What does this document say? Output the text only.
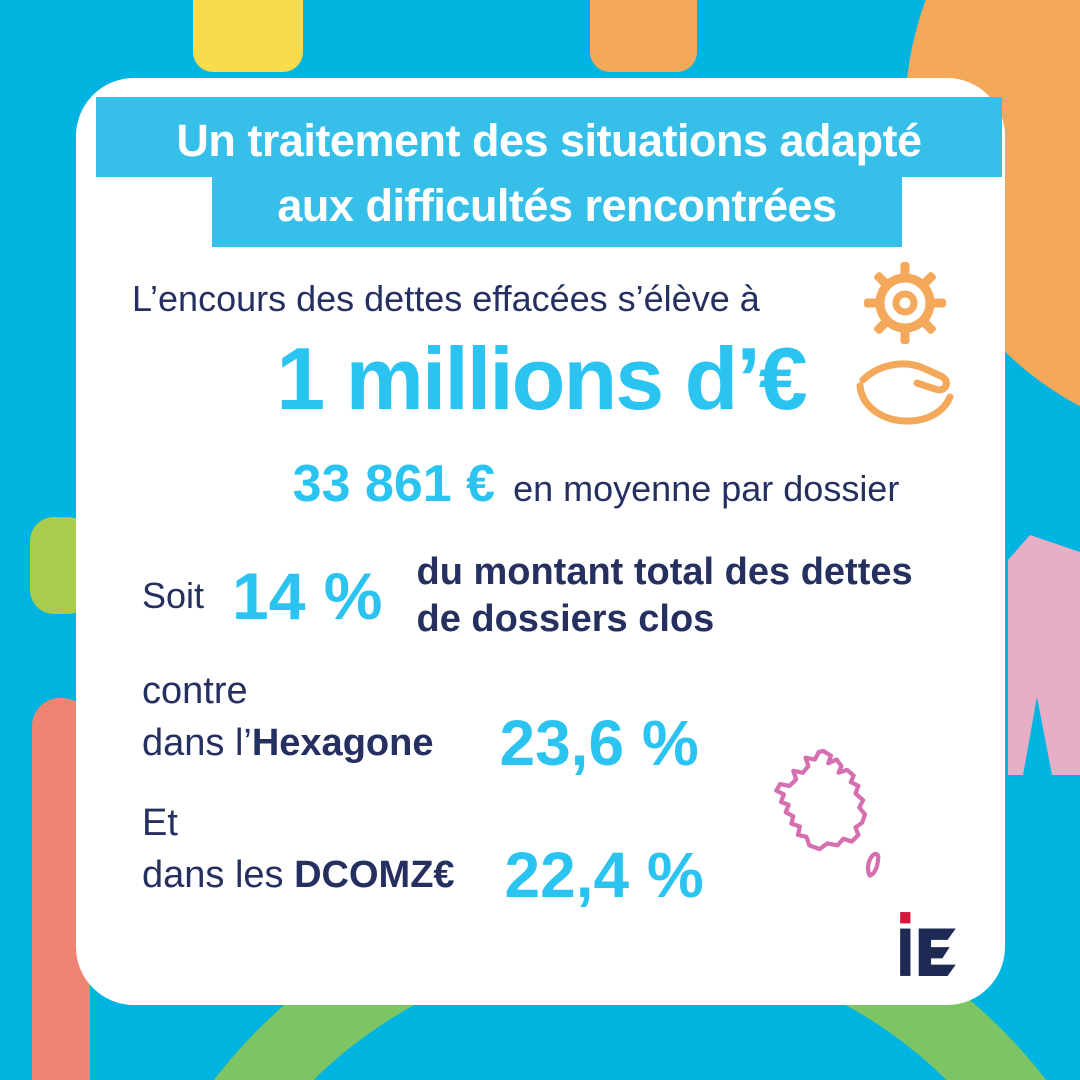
Un traitement des situations adapté
aux difficultés rencontrées
L’encours des dettes effacées s’élève à
1 millions d’€
33 861 € en moyenne par dossier
Soit 14 % du montant total des dettes
de dossiers clos
contre
dans l’Hexagone 23,6 %
Et
dans les DCOMZ€ 22,4 %
